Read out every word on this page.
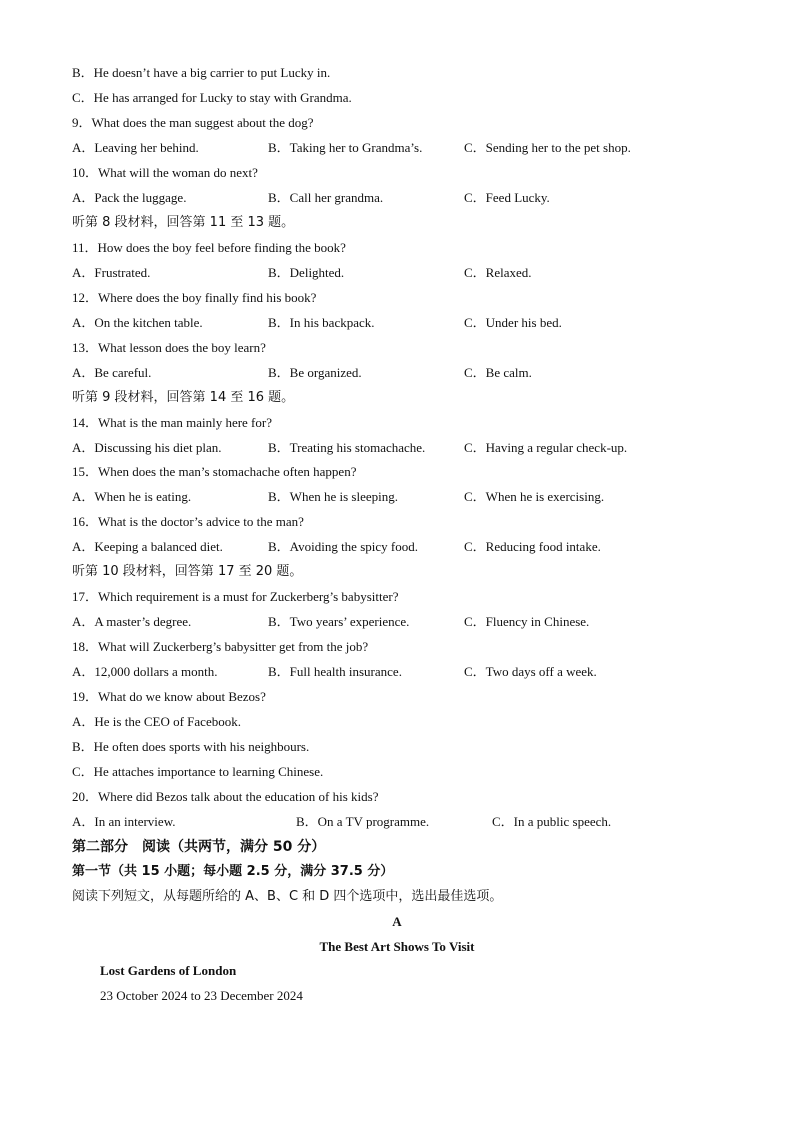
B．He doesn’t have a big carrier to put Lucky in.
C．He has arranged for Lucky to stay with Grandma.
9．What does the man suggest about the dog?
A．Leaving her behind.	B．Taking her to Grandma’s.	C．Sending her to the pet shop.
10．What will the woman do next?
A．Pack the luggage.	B．Call her grandma.	C．Feed Lucky.
听第 8 段材料，回答第 11 至 13 题。
11．How does the boy feel before finding the book?
A．Frustrated.	B．Delighted.	C．Relaxed.
12．Where does the boy finally find his book?
A．On the kitchen table.	B．In his backpack.	C．Under his bed.
13．What lesson does the boy learn?
A．Be careful.	B．Be organized.	C．Be calm.
听第 9 段材料，回答第 14 至 16 题。
14．What is the man mainly here for?
A．Discussing his diet plan.	B．Treating his stomachache.	C．Having a regular check-up.
15．When does the man’s stomachache often happen?
A．When he is eating.	B．When he is sleeping.	C．When he is exercising.
16．What is the doctor’s advice to the man?
A．Keeping a balanced diet.	B．Avoiding the spicy food.	C．Reducing food intake.
听第 10 段材料，回答第 17 至 20 题。
17．Which requirement is a must for Zuckerberg’s babysitter?
A．A master’s degree.	B．Two years’ experience.	C．Fluency in Chinese.
18．What will Zuckerberg’s babysitter get from the job?
A．12,000 dollars a month.	B．Full health insurance.	C．Two days off a week.
19．What do we know about Bezos?
A．He is the CEO of Facebook.
B．He often does sports with his neighbours.
C．He attaches importance to learning Chinese.
20．Where did Bezos talk about the education of his kids?
A．In an interview.	B．On a TV programme.	C．In a public speech.
第二部分　阅读（共两节，满分 50 分）
第一节（共 15 小题；每小题 2.5 分，满分 37.5 分）
阅读下列短文，从每题所给的 A、B、C 和 D 四个选项中，选出最佳选项。
A
The Best Art Shows To Visit
Lost Gardens of London
23 October 2024 to 23 December 2024
